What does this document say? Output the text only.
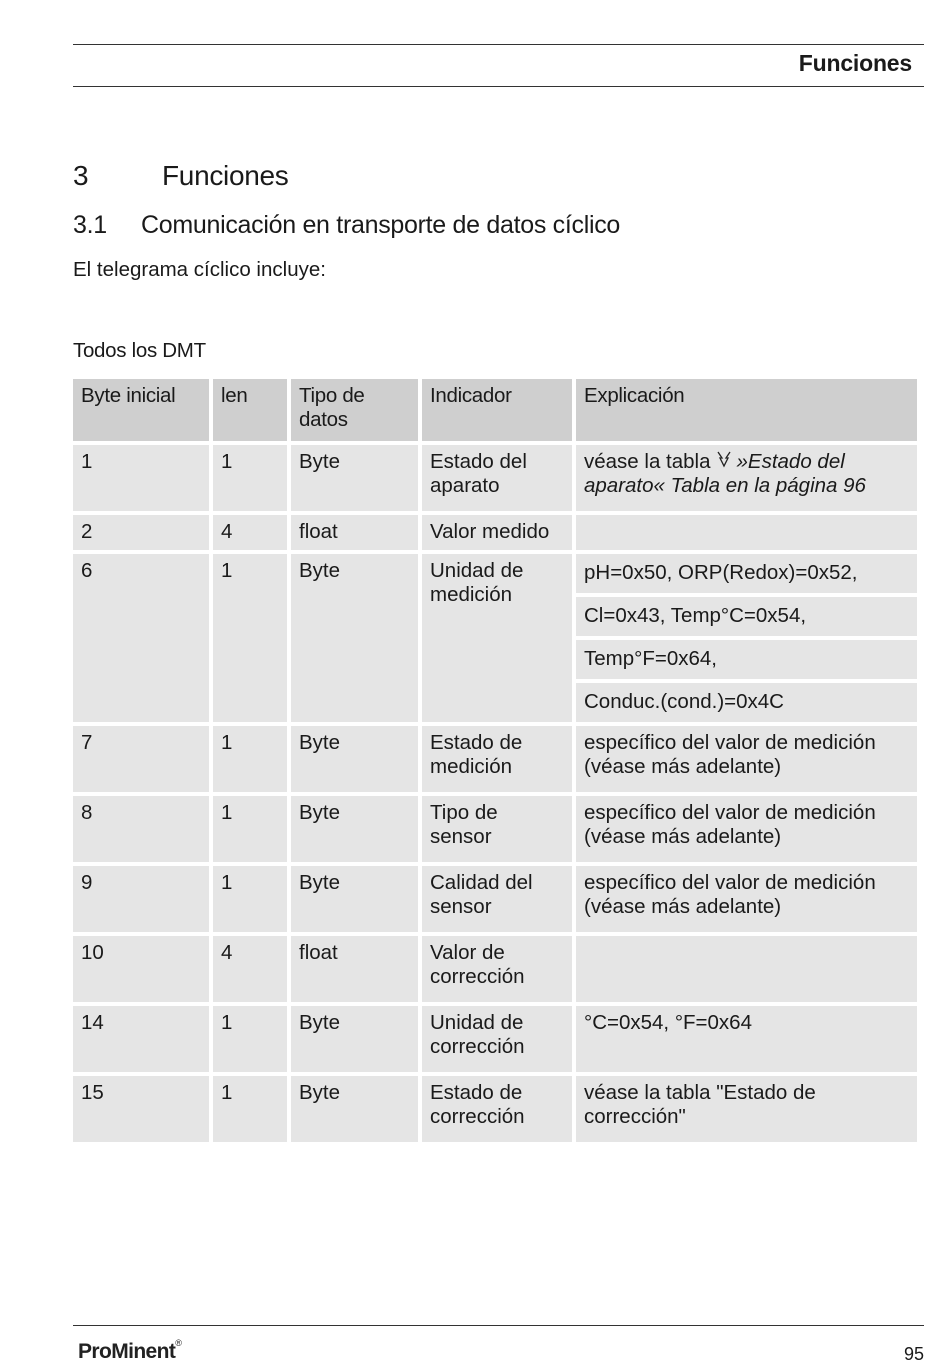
Funciones
3	Funciones
3.1 Comunicación en transporte de datos cíclico
El telegrama cíclico incluye:
Todos los DMT
Byte inicial	len	Tipo de datos	Indicador	Explicación
1	1	Byte	Estado del aparato	véase la tabla »Estado del aparato« Tabla en la página 96
2	4	float	Valor medido	
6	1	Byte	Unidad de medición	pH=0x50, ORP(Redox)=0x52,
				Cl=0x43, Temp°C=0x54,
				Temp°F=0x64,
				Conduc.(cond.)=0x4C
7	1	Byte	Estado de medición	específico del valor de medición (véase más adelante)
8	1	Byte	Tipo de sensor	específico del valor de medición (véase más adelante)
9	1	Byte	Calidad del sensor	específico del valor de medición (véase más adelante)
10	4	float	Valor de corrección	
14	1	Byte	Unidad de corrección	°C=0x54, °F=0x64
15	1	Byte	Estado de corrección	véase la tabla "Estado de corrección"
ProMinent®
95
